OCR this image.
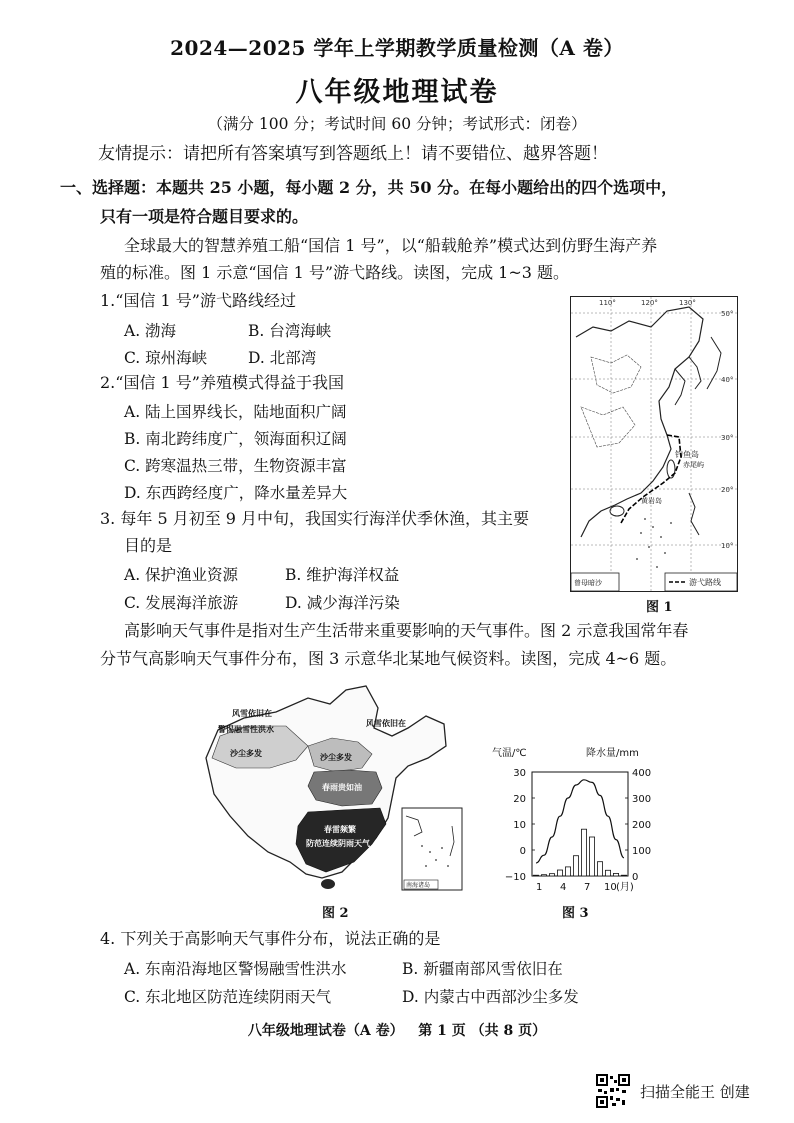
2024—2025 学年上学期教学质量检测（A 卷）
八年级地理试卷
（满分 100 分；考试时间 60 分钟；考试形式：闭卷）
友情提示：请把所有答案填写到答题纸上！请不要错位、越界答题！
一、选择题：本题共 25 小题，每小题 2 分，共 50 分。在每小题给出的四个选项中，
只有一项是符合题目要求的。
全球最大的智慧养殖工船“国信 1 号”，以“船载舱养”模式达到仿野生海产养
殖的标准。图 1 示意“国信 1 号”游弋路线。读图，完成 1~3 题。
1.“国信 1 号”游弋路线经过
A. 渤海	B. 台湾海峡
C. 琼州海峡	D. 北部湾
2.“国信 1 号”养殖模式得益于我国
A. 陆上国界线长，陆地面积广阔
B. 南北跨纬度广，领海面积辽阔
C. 跨寒温热三带，生物资源丰富
D. 东西跨经度广，降水量差异大
3. 每年 5 月初至 9 月中旬，我国实行海洋伏季休渔，其主要
目的是
A. 保护渔业资源	B. 维护海洋权益
C. 发展海洋旅游	D. 减少海洋污染
110°	120°	130°
50°
40°
30°
20°
10°
钓鱼岛
赤尾屿
黄岩岛
曾母暗沙	游弋路线
图 1
高影响天气事件是指对生产生活带来重要影响的天气事件。图 2 示意我国常年春
分节气高影响天气事件分布，图 3 示意华北某地气候资料。读图，完成 4~6 题。
风雪依旧在
警惕融雪性洪水
沙尘多发
风雪依旧在
沙尘多发
春雨贵如油
春雷频繁
防范连续阴雨天气
南海诸岛
图 2
气温/℃	降水量/mm
30
20
10
0
−10
400
300
200
100
0
1 4 7 10 (月)
图 3
4. 下列关于高影响天气事件分布，说法正确的是
A. 东南沿海地区警惕融雪性洪水	B. 新疆南部风雪依旧在
C. 东北地区防范连续阴雨天气	D. 内蒙古中西部沙尘多发
八年级地理试卷（A 卷）   第 1 页 （共 8 页）
扫描全能王 创建
